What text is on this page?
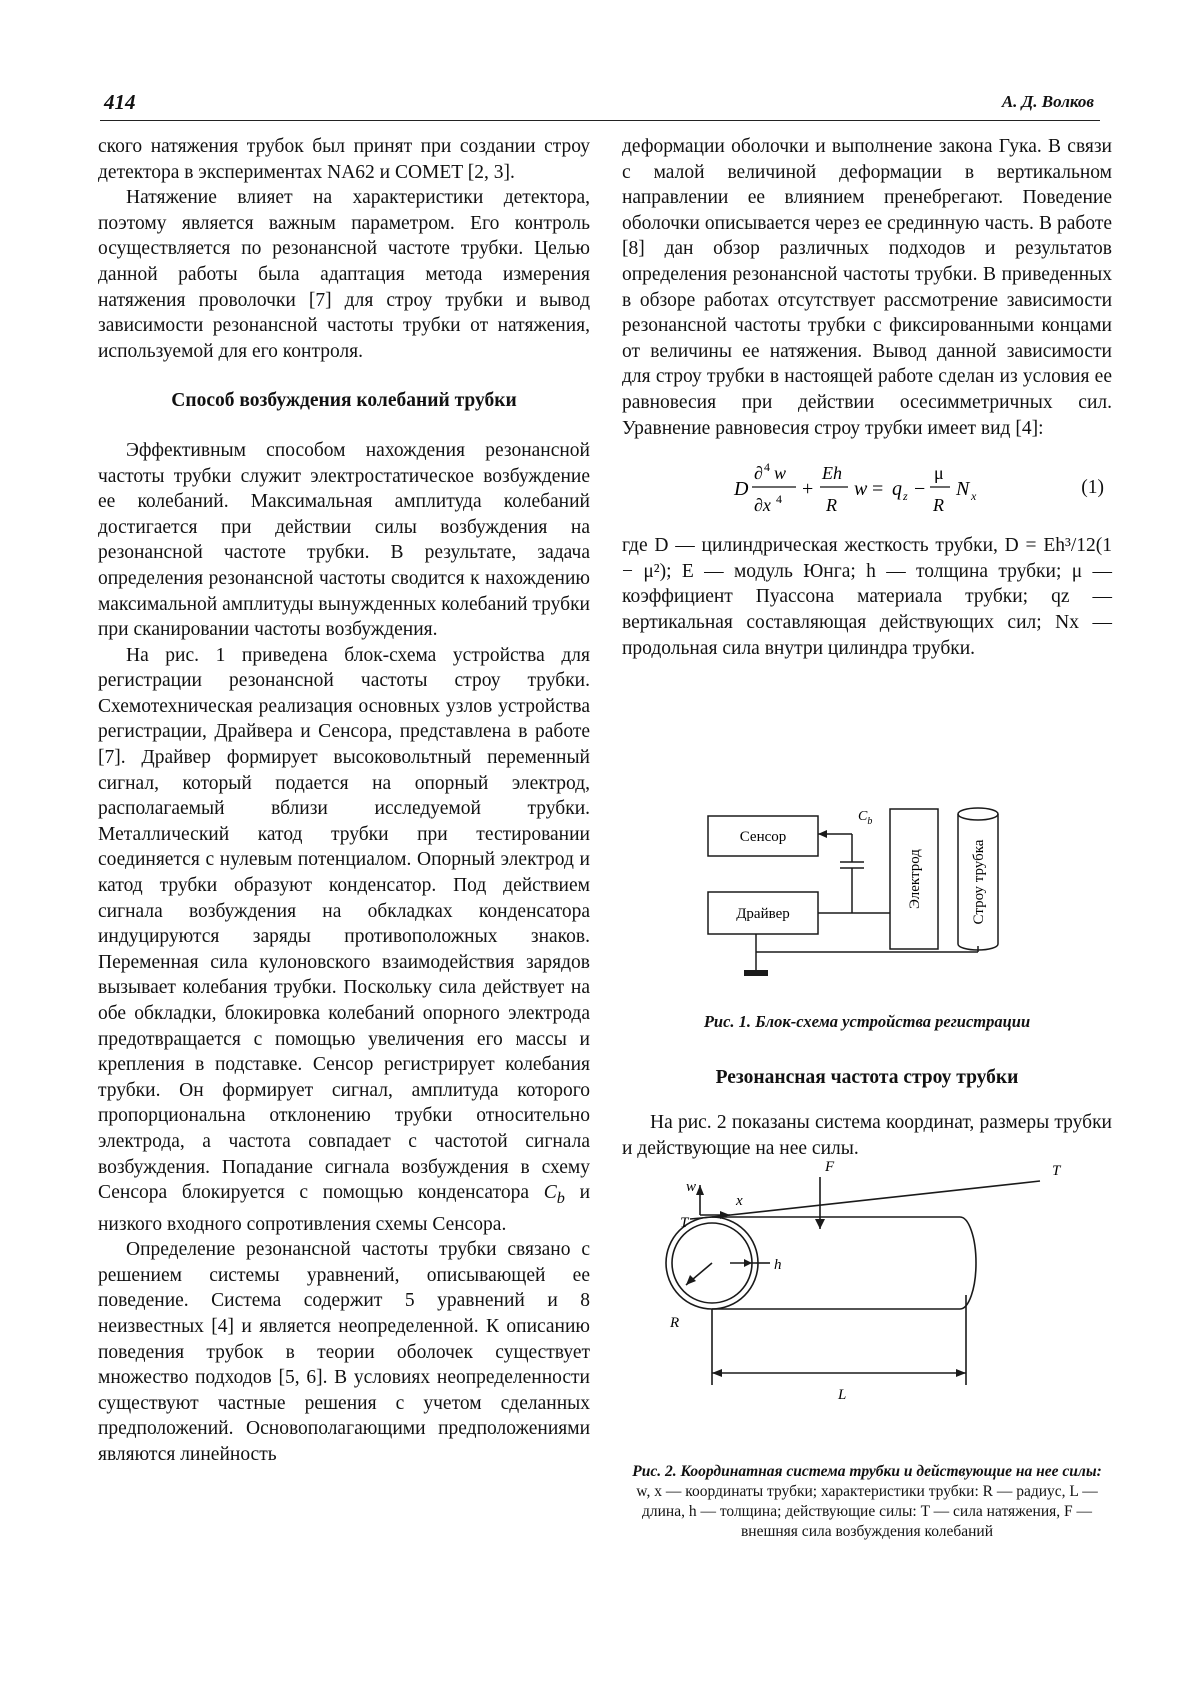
414	А. Д. Волков

ского натяжения трубок был принят при создании строу детектора в экспериментах NA62 и COMET [2, 3].

Натяжение влияет на характеристики детектора, поэтому является важным параметром. Его контроль осуществляется по резонансной частоте трубки. Целью данной работы была адаптация метода измерения натяжения проволочки [7] для строу трубки и вывод зависимости резонансной частоты трубки от натяжения, используемой для его контроля.

Способ возбуждения колебаний трубки

Эффективным способом нахождения резонансной частоты трубки служит электростатическое возбуждение ее колебаний. Максимальная амплитуда колебаний достигается при действии силы возбуждения на резонансной частоте трубки. В результате, задача определения резонансной частоты сводится к нахождению максимальной амплитуды вынужденных колебаний трубки при сканировании частоты возбуждения.

На рис. 1 приведена блок-схема устройства для регистрации резонансной частоты строу трубки. Схемотехническая реализация основных узлов устройства регистрации, Драйвера и Сенсора, представлена в работе [7]. Драйвер формирует высоковольтный переменный сигнал, который подается на опорный электрод, располагаемый вблизи исследуемой трубки. Металлический катод трубки при тестировании соединяется с нулевым потенциалом. Опорный электрод и катод трубки образуют конденсатор. Под действием сигнала возбуждения на обкладках конденсатора индуцируются заряды противоположных знаков. Переменная сила кулоновского взаимодействия зарядов вызывает колебания трубки. Поскольку сила действует на обе обкладки, блокировка колебаний опорного электрода предотвращается с помощью увеличения его массы и крепления в подставке. Сенсор регистрирует колебания трубки. Он формирует сигнал, амплитуда которого пропорциональна отклонению трубки относительно электрода, а частота совпадает с частотой сигнала возбуждения. Попадание сигнала возбуждения в схему Сенсора блокируется с помощью конденсатора $C_b$ и низкого входного сопротивления схемы Сенсора.

Определение резонансной частоты трубки связано с решением системы уравнений, описывающей ее поведение. Система содержит 5 уравнений и 8 неизвестных [4] и является неопределенной. К описанию поведения трубок в теории оболочек существует множество подходов [5, 6]. В условиях неопределенности существуют частные решения с учетом сделанных предположений. Основополагающими предположениями являются линейность

деформации оболочки и выполнение закона Гука. В связи с малой величиной деформации в вертикальном направлении ее влиянием пренебрегают. Поведение оболочки описывается через ее срединную часть. В работе [8] дан обзор различных подходов и результатов определения резонансной частоты трубки. В приведенных в обзоре работах отсутствует рассмотрение зависимости резонансной частоты трубки с фиксированными концами от величины ее натяжения. Вывод данной зависимости для строу трубки в настоящей работе сделан из условия ее равновесия при действии осесимметричных сил. Уравнение равновесия строу трубки имеет вид [4]:

D
∂ 4 w
∂x 4 +
Eh
R
w = q z −
μ
R
N x	(1)

где D — цилиндрическая жесткость трубки, D = Eh³/12(1 − μ²); E — модуль Юнга; h — толщина трубки; μ — коэффициент Пуассона материала трубки; qz — вертикальная составляющая действующих сил; Nx — продольная сила внутри цилиндра трубки.

Сенсор
Драйвер
Электрод	Строу трубка
$C_b$
Рис. 1. Блок-схема устройства регистрации
Резонансная частота строу трубки
На рис. 2 показаны система координат, размеры трубки и действующие на нее силы.
F	T
T
w
x
h
R
L
Рис. 2. Координатная система трубки и действующие на нее силы:
w, x — координаты трубки; характеристики трубки: R — радиус, L — длина, h — толщина; действующие силы: T — сила натяжения, F — внешняя сила возбуждения колебаний
